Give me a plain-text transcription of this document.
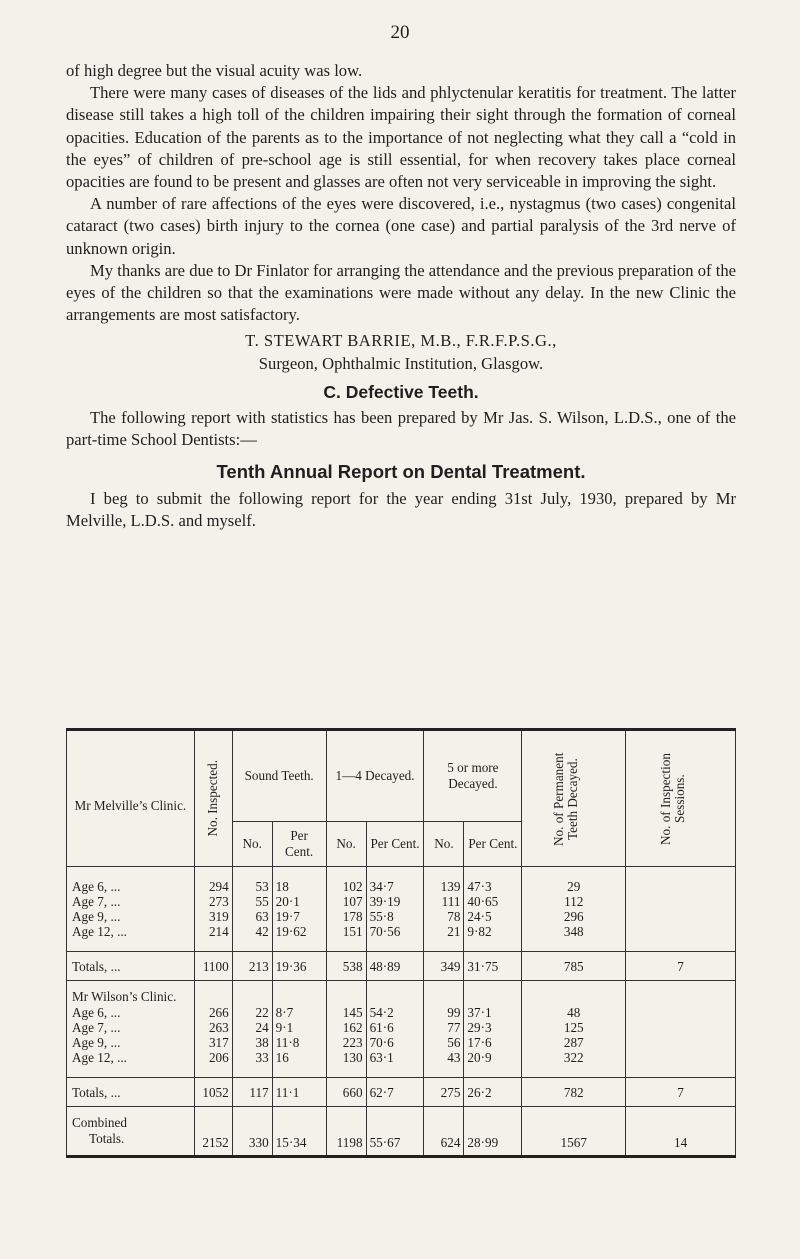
20

of high degree but the visual acuity was low.

There were many cases of diseases of the lids and phlyctenular keratitis for treatment. The latter disease still takes a high toll of the children impairing their sight through the formation of corneal opacities. Education of the parents as to the importance of not neglecting what they call a “cold in the eyes” of children of pre-school age is still essential, for when recovery takes place corneal opacities are found to be present and glasses are often not very serviceable in improving the sight.

A number of rare affections of the eyes were discovered, i.e., nystagmus (two cases) congenital cataract (two cases) birth injury to the cornea (one case) and partial paralysis of the 3rd nerve of unknown origin.

My thanks are due to Dr Finlator for arranging the attendance and the previous preparation of the eyes of the children so that the examinations were made without any delay. In the new Clinic the arrangements are most satisfactory.

T. STEWART BARRIE, M.B., F.R.F.P.S.G.,
Surgeon, Ophthalmic Institution, Glasgow.
C. Defective Teeth.

The following report with statistics has been prepared by Mr Jas. S. Wilson, L.D.S., one of the part-time School Dentists:—

Tenth Annual Report on Dental Treatment.

I beg to submit the following report for the year ending 31st July, 1930, prepared by Mr Melville, L.D.S. and myself.

Mr Melville’s Clinic.	No. Inspected.	Sound Teeth.		1—4 Decayed.		5 or more Decayed.		No. of Permanent Teeth Decayed.	No. of Inspection Sessions.

		No.	Per Cent.	No.	Per Cent.	No.	Per Cent.		

Age 6, ...	294	53	18	102	34·7	139	47·3	29	
Age 7, ...	273	55	20·1	107	39·19	111	40·65	112	
Age 9, ...	319	63	19·7	178	55·8	78	24·5	296	
Age 12, ...	214	42	19·62	151	70·56	21	9·82	348	

Totals, ...	1100	213	19·36	538	48·89	349	31·75	785	7
Mr Wilson’s Clinic.									
Age 6, ...	266	22	8·7	145	54·2	99	37·1	48	
Age 7, ...	263	24	9·1	162	61·6	77	29·3	125	
Age 9, ...	317	38	11·8	223	70·6	56	17·6	287	
Age 12, ...	206	33	16	130	63·1	43	20·9	322	

Totals, ...	1052	117	11·1	660	62·7	275	26·2	782	7
Combined									
Totals.	2152	330	15·34	1198	55·67	624	28·99	1567	14
